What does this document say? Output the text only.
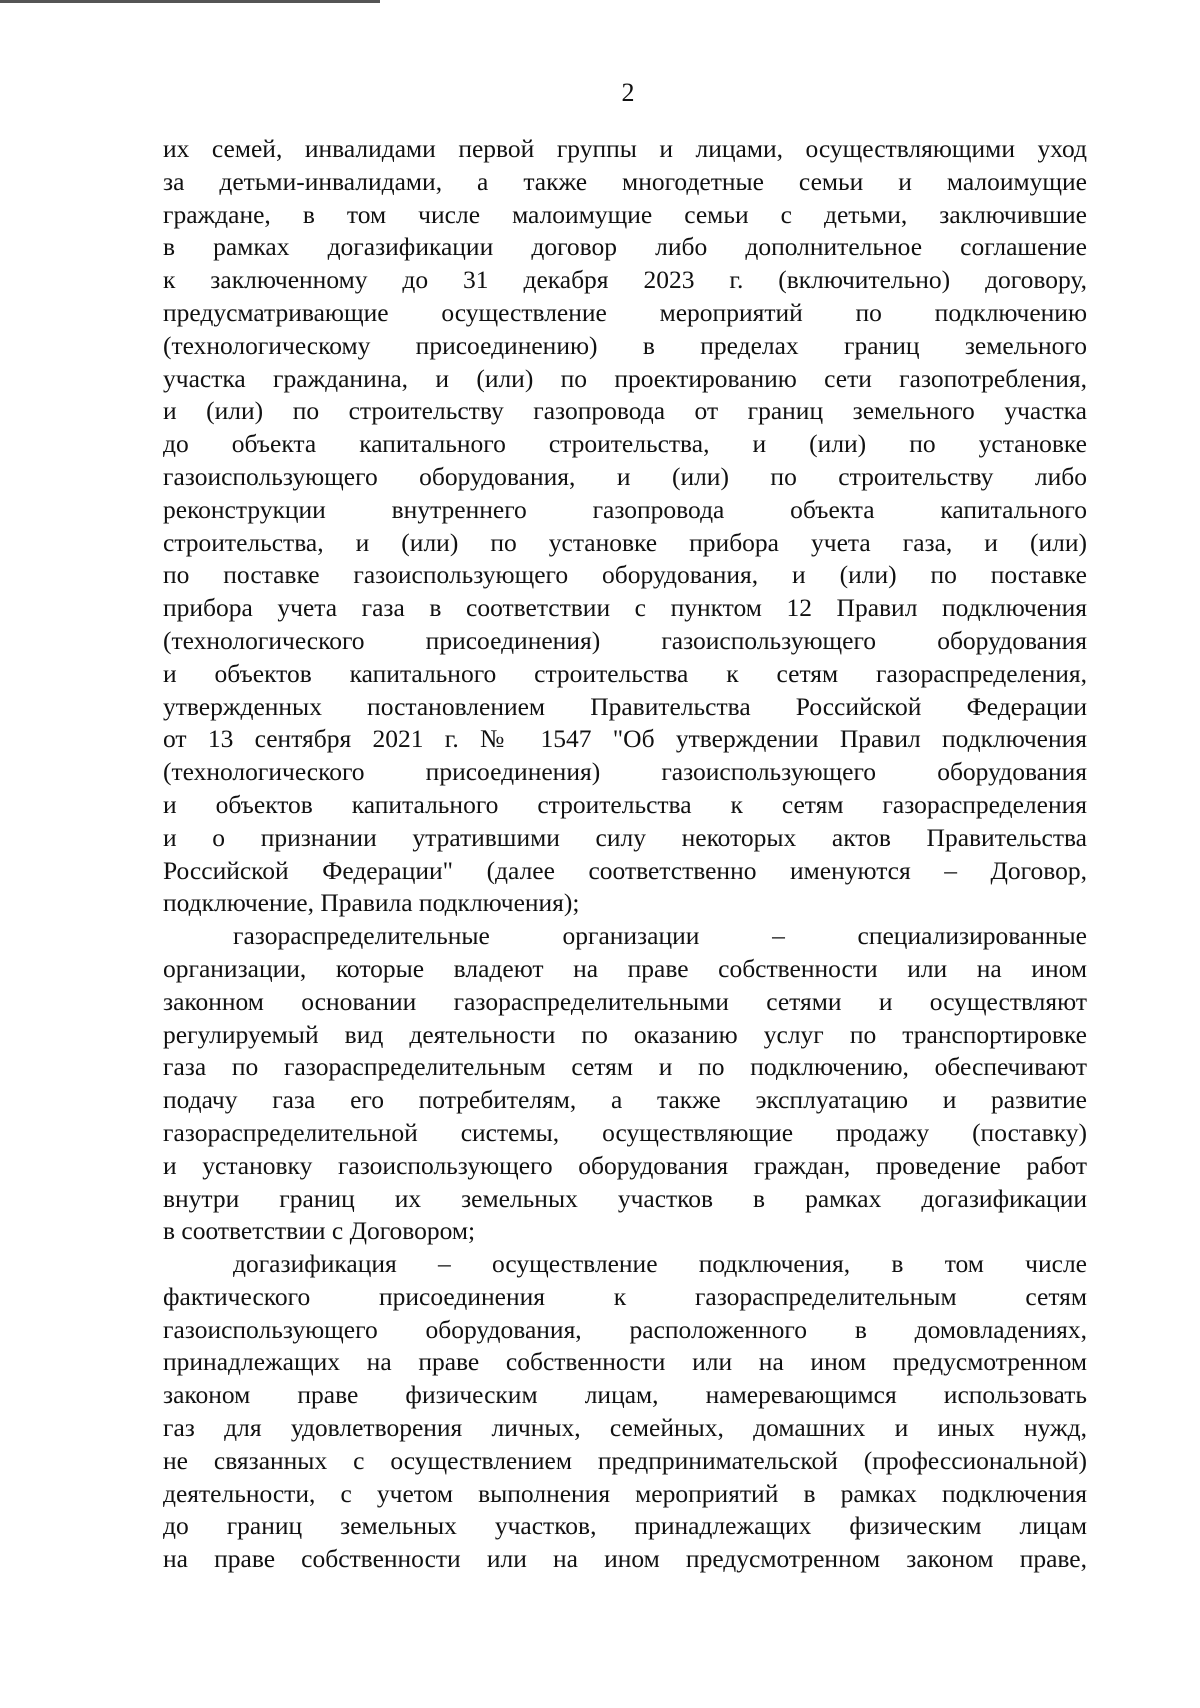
2
их семей, инвалидами первой группы и лицами, осуществляющими уход
за детьми-инвалидами, а также многодетные семьи и малоимущие
граждане, в том числе малоимущие семьи с детьми, заключившие
в рамках догазификации договор либо дополнительное соглашение
к заключенному до 31 декабря 2023 г. (включительно) договору,
предусматривающие осуществление мероприятий по подключению
(технологическому присоединению) в пределах границ земельного
участка гражданина, и (или) по проектированию сети газопотребления,
и (или) по строительству газопровода от границ земельного участка
до объекта капитального строительства, и (или) по установке
газоиспользующего оборудования, и (или) по строительству либо
реконструкции внутреннего газопровода объекта капитального
строительства, и (или) по установке прибора учета газа, и (или)
по поставке газоиспользующего оборудования, и (или) по поставке
прибора учета газа в соответствии с пунктом 12 Правил подключения
(технологического присоединения) газоиспользующего оборудования
и объектов капитального строительства к сетям газораспределения,
утвержденных постановлением Правительства Российской Федерации
от 13 сентября 2021 г. № 1547 "Об утверждении Правил подключения
(технологического присоединения) газоиспользующего оборудования
и объектов капитального строительства к сетям газораспределения
и о признании утратившими силу некоторых актов Правительства
Российской Федерации" (далее соответственно именуются – Договор,
подключение, Правила подключения);
газораспределительные организации – специализированные
организации, которые владеют на праве собственности или на ином
законном основании газораспределительными сетями и осуществляют
регулируемый вид деятельности по оказанию услуг по транспортировке
газа по газораспределительным сетям и по подключению, обеспечивают
подачу газа его потребителям, а также эксплуатацию и развитие
газораспределительной системы, осуществляющие продажу (поставку)
и установку газоиспользующего оборудования граждан, проведение работ
внутри границ их земельных участков в рамках догазификации
в соответствии с Договором;
догазификация – осуществление подключения, в том числе
фактического присоединения к газораспределительным сетям
газоиспользующего оборудования, расположенного в домовладениях,
принадлежащих на праве собственности или на ином предусмотренном
законом праве физическим лицам, намеревающимся использовать
газ для удовлетворения личных, семейных, домашних и иных нужд,
не связанных с осуществлением предпринимательской (профессиональной)
деятельности, с учетом выполнения мероприятий в рамках подключения
до границ земельных участков, принадлежащих физическим лицам
на праве собственности или на ином предусмотренном законом праве,
